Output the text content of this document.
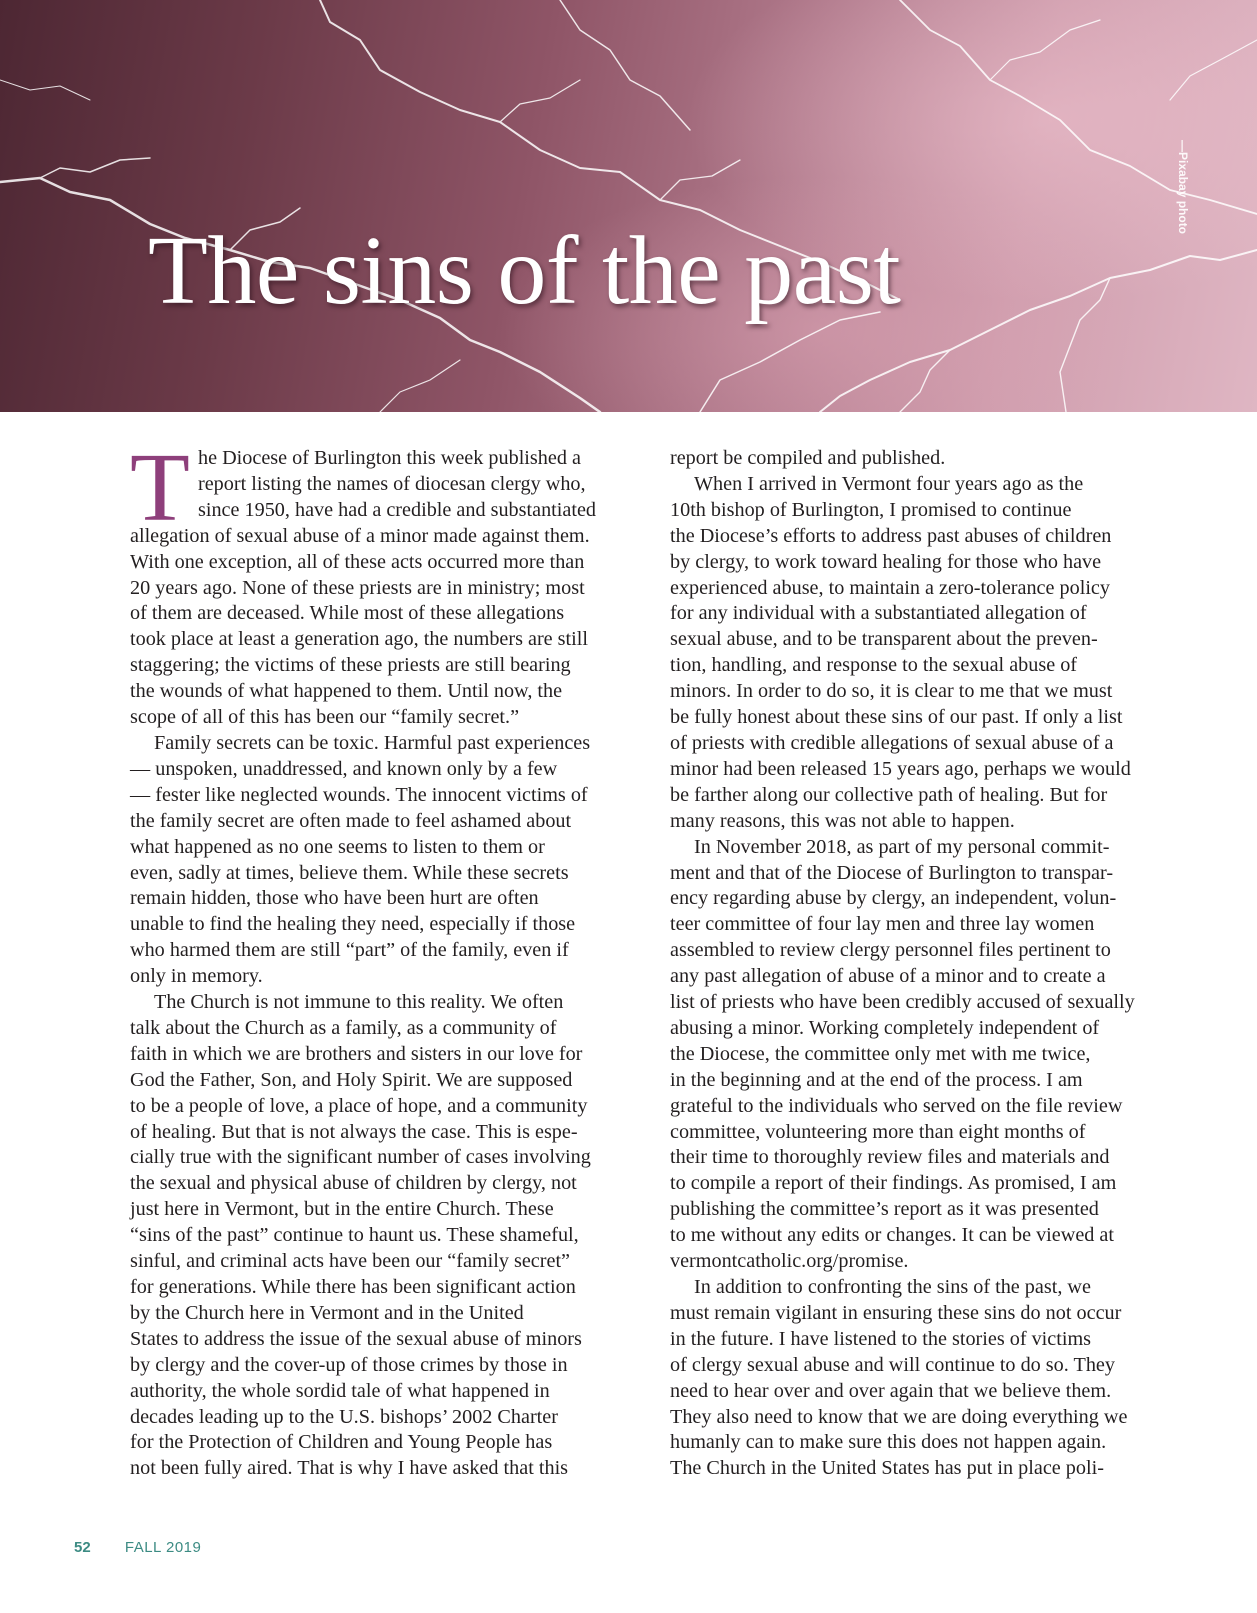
The sins of the past
—Pixabay photo
T he Diocese of Burlington this week published a

report listing the names of diocesan clergy who,

since 1950, have had a credible and substantiated

allegation of sexual abuse of a minor made against them.

With one exception, all of these acts occurred more than

20 years ago. None of these priests are in ministry; most

of them are deceased. While most of these allegations

took place at least a generation ago, the numbers are still

staggering; the victims of these priests are still bearing

the wounds of what happened to them. Until now, the

scope of all of this has been our “family secret.”

Family secrets can be toxic. Harmful past experiences

— unspoken, unaddressed, and known only by a few

— fester like neglected wounds. The innocent victims of

the family secret are often made to feel ashamed about

what happened as no one seems to listen to them or

even, sadly at times, believe them. While these secrets

remain hidden, those who have been hurt are often

unable to find the healing they need, especially if those

who harmed them are still “part” of the family, even if

only in memory.

The Church is not immune to this reality. We often

talk about the Church as a family, as a community of

faith in which we are brothers and sisters in our love for

God the Father, Son, and Holy Spirit. We are supposed

to be a people of love, a place of hope, and a community

of healing. But that is not always the case. This is espe-

cially true with the significant number of cases involving

the sexual and physical abuse of children by clergy, not

just here in Vermont, but in the entire Church. These

“sins of the past” continue to haunt us. These shameful,

sinful, and criminal acts have been our “family secret”

for generations. While there has been significant action

by the Church here in Vermont and in the United

States to address the issue of the sexual abuse of minors

by clergy and the cover-up of those crimes by those in

authority, the whole sordid tale of what happened in

decades leading up to the U.S. bishops’ 2002 Charter

for the Protection of Children and Young People has

not been fully aired. That is why I have asked that this

report be compiled and published.

When I arrived in Vermont four years ago as the

10th bishop of Burlington, I promised to continue

the Diocese’s efforts to address past abuses of children

by clergy, to work toward healing for those who have

experienced abuse, to maintain a zero-tolerance policy

for any individual with a substantiated allegation of

sexual abuse, and to be transparent about the preven-

tion, handling, and response to the sexual abuse of

minors. In order to do so, it is clear to me that we must

be fully honest about these sins of our past. If only a list

of priests with credible allegations of sexual abuse of a

minor had been released 15 years ago, perhaps we would

be farther along our collective path of healing. But for

many reasons, this was not able to happen.

In November 2018, as part of my personal commit-

ment and that of the Diocese of Burlington to transpar-

ency regarding abuse by clergy, an independent, volun-

teer committee of four lay men and three lay women

assembled to review clergy personnel files pertinent to

any past allegation of abuse of a minor and to create a

list of priests who have been credibly accused of sexually

abusing a minor. Working completely independent of

the Diocese, the committee only met with me twice,

in the beginning and at the end of the process. I am

grateful to the individuals who served on the file review

committee, volunteering more than eight months of

their time to thoroughly review files and materials and

to compile a report of their findings. As promised, I am

publishing the committee’s report as it was presented

to me without any edits or changes. It can be viewed at

vermontcatholic.org/promise.

In addition to confronting the sins of the past, we

must remain vigilant in ensuring these sins do not occur

in the future. I have listened to the stories of victims

of clergy sexual abuse and will continue to do so. They

need to hear over and over again that we believe them.

They also need to know that we are doing everything we

humanly can to make sure this does not happen again.

The Church in the United States has put in place poli-

52 FALL 2019
